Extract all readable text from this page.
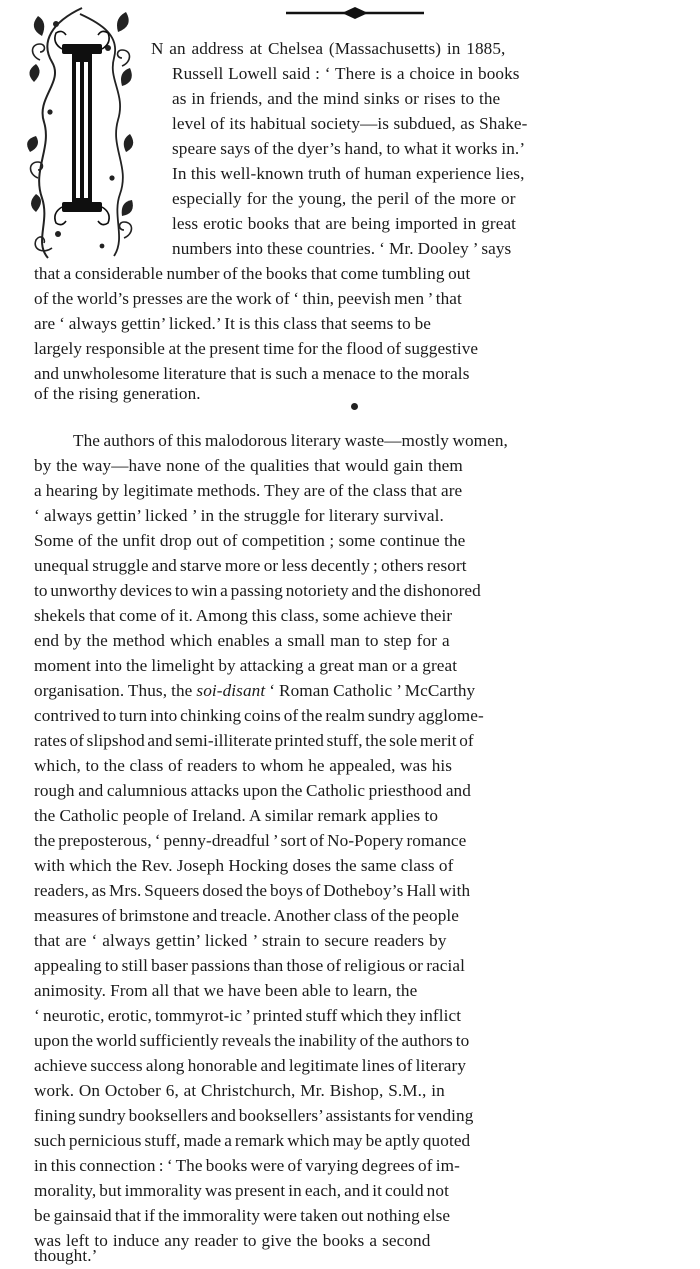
N an address at Chelsea (Massachusetts) in 1885,

Russell Lowell said : ‘ There is a choice in books

as in friends, and the mind sinks or rises to the

level of its habitual society—is subdued, as Shake-

speare says of the dyer’s hand, to what it works in.’

In this well-known truth of human experience lies,

especially for the young, the peril of the more or

less erotic books that are being imported in great

numbers into these countries. ‘ Mr. Dooley ’ says

that a considerable number of the books that come tumbling out

of the world’s presses are the work of ‘ thin, peevish men ’ that

are ‘ always gettin’ licked.’ It is this class that seems to be

largely responsible at the present time for the flood of suggestive

and unwholesome literature that is such a menace to the morals

of the rising generation.

The authors of this malodorous literary waste—mostly women,

by the way—have none of the qualities that would gain them

a hearing by legitimate methods. They are of the class that are

‘ always gettin’ licked ’ in the struggle for literary survival.

Some of the unfit drop out of competition ; some continue the

unequal struggle and starve more or less decently ; others resort

to unworthy devices to win a passing notoriety and the dishonored

shekels that come of it. Among this class, some achieve their

end by the method which enables a small man to step for a

moment into the limelight by attacking a great man or a great

organisation. Thus, the soi-disant ‘ Roman Catholic ’ McCarthy

contrived to turn into chinking coins of the realm sundry agglome-

rates of slipshod and semi-illiterate printed stuff, the sole merit of

which, to the class of readers to whom he appealed, was his

rough and calumnious attacks upon the Catholic priesthood and

the Catholic people of Ireland. A similar remark applies to

the preposterous, ‘ penny-dreadful ’ sort of No-Popery romance

with which the Rev. Joseph Hocking doses the same class of

readers, as Mrs. Squeers dosed the boys of Dotheboy’s Hall with

measures of brimstone and treacle. Another class of the people

that are ‘ always gettin’ licked ’ strain to secure readers by

appealing to still baser passions than those of religious or racial

animosity. From all that we have been able to learn, the

‘ neurotic, erotic, tommyrot-ic ’ printed stuff which they inflict

upon the world sufficiently reveals the inability of the authors to

achieve success along honorable and legitimate lines of literary

work. On October 6, at Christchurch, Mr. Bishop, S.M., in

fining sundry booksellers and booksellers’ assistants for vending

such pernicious stuff, made a remark which may be aptly quoted

in this connection : ‘ The books were of varying degrees of im-

morality, but immorality was present in each, and it could not

be gainsaid that if the immorality were taken out nothing else

was left to induce any reader to give the books a second

thought.’
